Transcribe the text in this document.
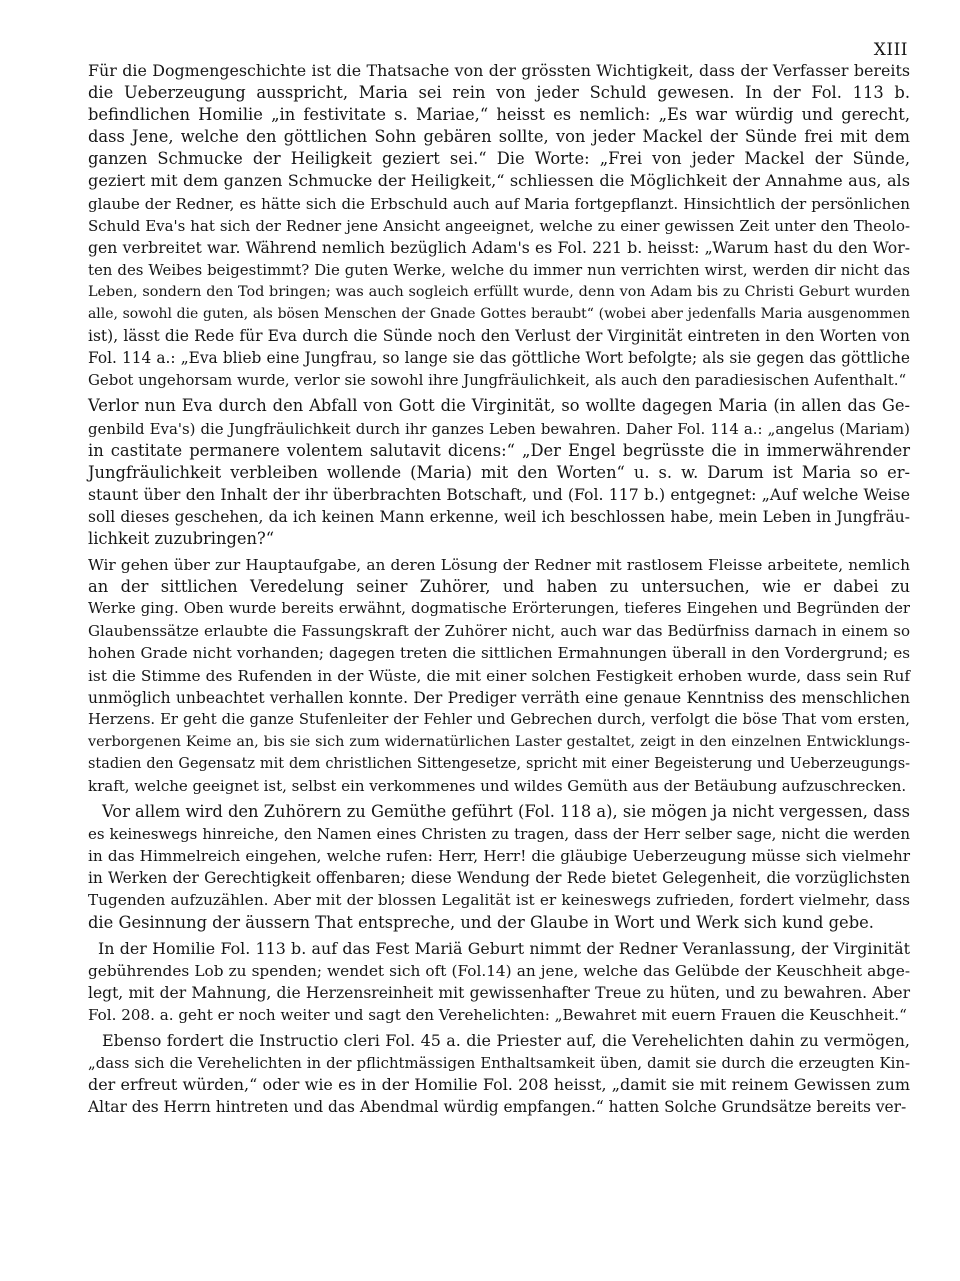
XIII
Für die Dogmengeschichte ist die Thatsache von der grössten Wichtigkeit, dass der Verfasser bereits
die Ueberzeugung ausspricht, Maria sei rein von jeder Schuld gewesen. In der Fol. 113 b.
befindlichen Homilie „in festivitate s. Mariae,“ heisst es nemlich: „Es war würdig und gerecht,
dass Jene, welche den göttlichen Sohn gebären sollte, von jeder Mackel der Sünde frei mit dem
ganzen Schmucke der Heiligkeit geziert sei.“ Die Worte: „Frei von jeder Mackel der Sünde,
geziert mit dem ganzen Schmucke der Heiligkeit,“ schliessen die Möglichkeit der Annahme aus, als
glaube der Redner, es hätte sich die Erbschuld auch auf Maria fortgepflanzt. Hinsichtlich der persönlichen
Schuld Eva's hat sich der Redner jene Ansicht angeeignet, welche zu einer gewissen Zeit unter den Theolo-
gen verbreitet war. Während nemlich bezüglich Adam's es Fol. 221 b. heisst: „Warum hast du den Wor-
ten des Weibes beigestimmt? Die guten Werke, welche du immer nun verrichten wirst, werden dir nicht das
Leben, sondern den Tod bringen; was auch sogleich erfüllt wurde, denn von Adam bis zu Christi Geburt wurden
alle, sowohl die guten, als bösen Menschen der Gnade Gottes beraubt“ (wobei aber jedenfalls Maria ausgenommen
ist), lässt die Rede für Eva durch die Sünde noch den Verlust der Virginität eintreten in den Worten von
Fol. 114 a.: „Eva blieb eine Jungfrau, so lange sie das göttliche Wort befolgte; als sie gegen das göttliche
Gebot ungehorsam wurde, verlor sie sowohl ihre Jungfräulichkeit, als auch den paradiesischen Aufenthalt.“
Verlor nun Eva durch den Abfall von Gott die Virginität, so wollte dagegen Maria (in allen das Ge-
genbild Eva's) die Jungfräulichkeit durch ihr ganzes Leben bewahren. Daher Fol. 114 a.: „angelus (Mariam)
in castitate permanere volentem salutavit dicens:“ „Der Engel begrüsste die in immerwährender
Jungfräulichkeit verbleiben wollende (Maria) mit den Worten“ u. s. w. Darum ist Maria so er-
staunt über den Inhalt der ihr überbrachten Botschaft, und (Fol. 117 b.) entgegnet: „Auf welche Weise
soll dieses geschehen, da ich keinen Mann erkenne, weil ich beschlossen habe, mein Leben in Jungfräu-
lichkeit zuzubringen?“
Wir gehen über zur Hauptaufgabe, an deren Lösung der Redner mit rastlosem Fleisse arbeitete, nemlich
an der sittlichen Veredelung seiner Zuhörer, und haben zu untersuchen, wie er dabei zu
Werke ging. Oben wurde bereits erwähnt, dogmatische Erörterungen, tieferes Eingehen und Begründen der
Glaubenssätze erlaubte die Fassungskraft der Zuhörer nicht, auch war das Bedürfniss darnach in einem so
hohen Grade nicht vorhanden; dagegen treten die sittlichen Ermahnungen überall in den Vordergrund; es
ist die Stimme des Rufenden in der Wüste, die mit einer solchen Festigkeit erhoben wurde, dass sein Ruf
unmöglich unbeachtet verhallen konnte. Der Prediger verräth eine genaue Kenntniss des menschlichen
Herzens. Er geht die ganze Stufenleiter der Fehler und Gebrechen durch, verfolgt die böse That vom ersten,
verborgenen Keime an, bis sie sich zum widernatürlichen Laster gestaltet, zeigt in den einzelnen Entwicklungs-
stadien den Gegensatz mit dem christlichen Sittengesetze, spricht mit einer Begeisterung und Ueberzeugungs-
kraft, welche geeignet ist, selbst ein verkommenes und wildes Gemüth aus der Betäubung aufzuschrecken.
Vor allem wird den Zuhörern zu Gemüthe geführt (Fol. 118 a), sie mögen ja nicht vergessen, dass
es keineswegs hinreiche, den Namen eines Christen zu tragen, dass der Herr selber sage, nicht die werden
in das Himmelreich eingehen, welche rufen: Herr, Herr! die gläubige Ueberzeugung müsse sich vielmehr
in Werken der Gerechtigkeit offenbaren; diese Wendung der Rede bietet Gelegenheit, die vorzüglichsten
Tugenden aufzuzählen. Aber mit der blossen Legalität ist er keineswegs zufrieden, fordert vielmehr, dass
die Gesinnung der äussern That entspreche, und der Glaube in Wort und Werk sich kund gebe.
In der Homilie Fol. 113 b. auf das Fest Mariä Geburt nimmt der Redner Veranlassung, der Virginität
gebührendes Lob zu spenden; wendet sich oft (Fol.14) an jene, welche das Gelübde der Keuschheit abge-
legt, mit der Mahnung, die Herzensreinheit mit gewissenhafter Treue zu hüten, und zu bewahren. Aber
Fol. 208. a. geht er noch weiter und sagt den Verehelichten: „Bewahret mit euern Frauen die Keuschheit.“
Ebenso fordert die Instructio cleri Fol. 45 a. die Priester auf, die Verehelichten dahin zu vermögen,
„dass sich die Verehelichten in der pflichtmässigen Enthaltsamkeit üben, damit sie durch die erzeugten Kin-
der erfreut würden,“ oder wie es in der Homilie Fol. 208 heisst, „damit sie mit reinem Gewissen zum
Altar des Herrn hintreten und das Abendmal würdig empfangen.“ hatten Solche Grundsätze bereits ver-
